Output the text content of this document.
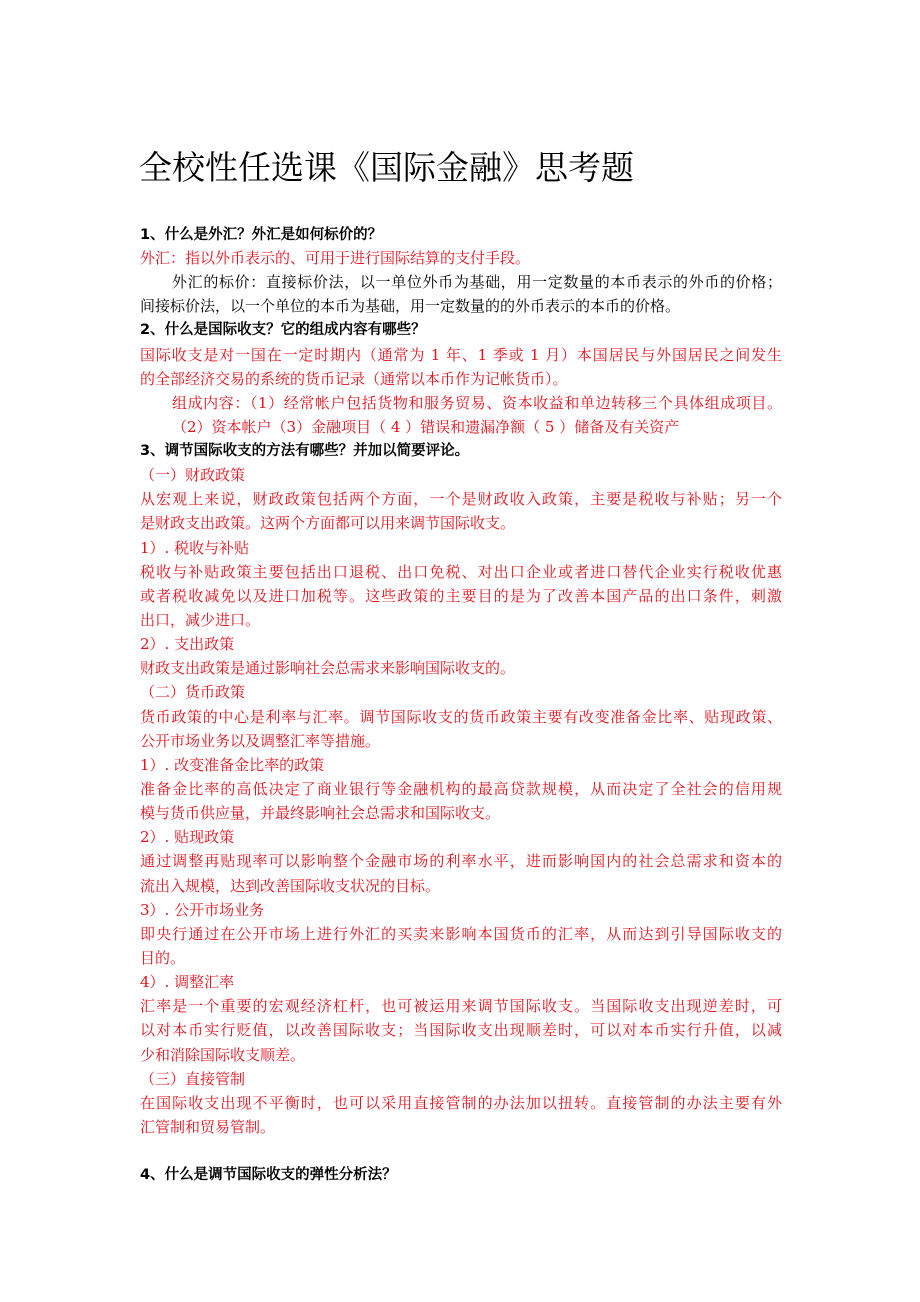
全校性任选课《国际金融》思考题
1、什么是外汇？外汇是如何标价的？
外汇：指以外币表示的、可用于进行国际结算的支付手段。
外汇的标价：直接标价法，以一单位外币为基础，用一定数量的本币表示的外币的价格；
间接标价法，以一个单位的本币为基础，用一定数量的的外币表示的本币的价格。
2、什么是国际收支？它的组成内容有哪些？
国际收支是对一国在一定时期内（通常为 1 年、1 季或 1 月）本国居民与外国居民之间发生
的全部经济交易的系统的货币记录（通常以本币作为记帐货币）。
组成内容：（1）经常帐户包括货物和服务贸易、资本收益和单边转移三个具体组成项目。
（2）资本帐户（3）金融项目（ 4 ）错误和遗漏净额（ 5 ）储备及有关资产
3、调节国际收支的方法有哪些？并加以简要评论。
（一）财政政策
从宏观上来说，财政政策包括两个方面，一个是财政收入政策，主要是税收与补贴；另一个
是财政支出政策。这两个方面都可以用来调节国际收支。
1）. 税收与补贴
税收与补贴政策主要包括出口退税、出口免税、对出口企业或者进口替代企业实行税收优惠
或者税收减免以及进口加税等。这些政策的主要目的是为了改善本国产品的出口条件，刺激
出口，减少进口。
2）. 支出政策
财政支出政策是通过影响社会总需求来影响国际收支的。
（二）货币政策
货币政策的中心是利率与汇率。调节国际收支的货币政策主要有改变准备金比率、贴现政策、
公开市场业务以及调整汇率等措施。
1）. 改变准备金比率的政策
准备金比率的高低决定了商业银行等金融机构的最高贷款规模，从而决定了全社会的信用规
模与货币供应量，并最终影响社会总需求和国际收支。
2）. 贴现政策
通过调整再贴现率可以影响整个金融市场的利率水平，进而影响国内的社会总需求和资本的
流出入规模，达到改善国际收支状况的目标。
3）. 公开市场业务
即央行通过在公开市场上进行外汇的买卖来影响本国货币的汇率，从而达到引导国际收支的
目的。
4）. 调整汇率
汇率是一个重要的宏观经济杠杆，也可被运用来调节国际收支。当国际收支出现逆差时，可
以对本币实行贬值，以改善国际收支；当国际收支出现顺差时，可以对本币实行升值，以减
少和消除国际收支顺差。
（三）直接管制
在国际收支出现不平衡时，也可以采用直接管制的办法加以扭转。直接管制的办法主要有外
汇管制和贸易管制。
4、什么是调节国际收支的弹性分析法？
